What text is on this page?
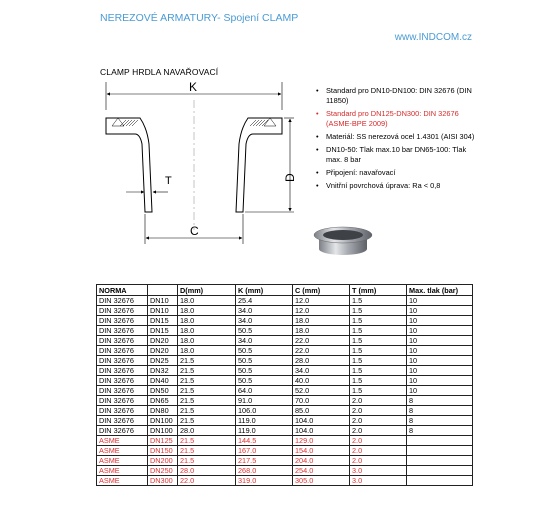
NEREZOVÉ ARMATURY- Spojení CLAMP
www.INDCOM.cz
CLAMP HRDLA NAVAŘOVACÍ
K
D
T
C
• Standard pro DN10-DN100: DIN 32676 (DIN 11850)
• Standard pro DN125-DN300: DIN 32676 (ASME-BPE 2009)
• Materiál: SS nerezová ocel 1.4301 (AISI 304)
• DN10-50: Tlak max.10 bar DN65-100: Tlak max. 8 bar
• Připojení: navařovací
• Vnitřní povrchová úprava: Ra < 0,8
NORMA		D(mm)	K (mm)	C (mm)	T (mm)	Max. tlak (bar)
DIN 32676	DN10	18.0	25.4	12.0	1.5	10
DIN 32676	DN10	18.0	34.0	12.0	1.5	10
DIN 32676	DN15	18.0	34.0	18.0	1.5	10
DIN 32676	DN15	18.0	50.5	18.0	1.5	10
DIN 32676	DN20	18.0	34.0	22.0	1.5	10
DIN 32676	DN20	18.0	50.5	22.0	1.5	10
DIN 32676	DN25	21.5	50.5	28.0	1.5	10
DIN 32676	DN32	21.5	50.5	34.0	1.5	10
DIN 32676	DN40	21.5	50.5	40.0	1.5	10
DIN 32676	DN50	21.5	64.0	52.0	1.5	10
DIN 32676	DN65	21.5	91.0	70.0	2.0	8
DIN 32676	DN80	21.5	106.0	85.0	2.0	8
DIN 32676	DN100	21.5	119.0	104.0	2.0	8
DIN 32676	DN100	28.0	119.0	104.0	2.0	8
ASME	DN125	21.5	144.5	129.0	2.0	
ASME	DN150	21.5	167.0	154.0	2.0	
ASME	DN200	21.5	217.5	204.0	2.0	
ASME	DN250	28.0	268.0	254.0	3.0	
ASME	DN300	22.0	319.0	305.0	3.0	
